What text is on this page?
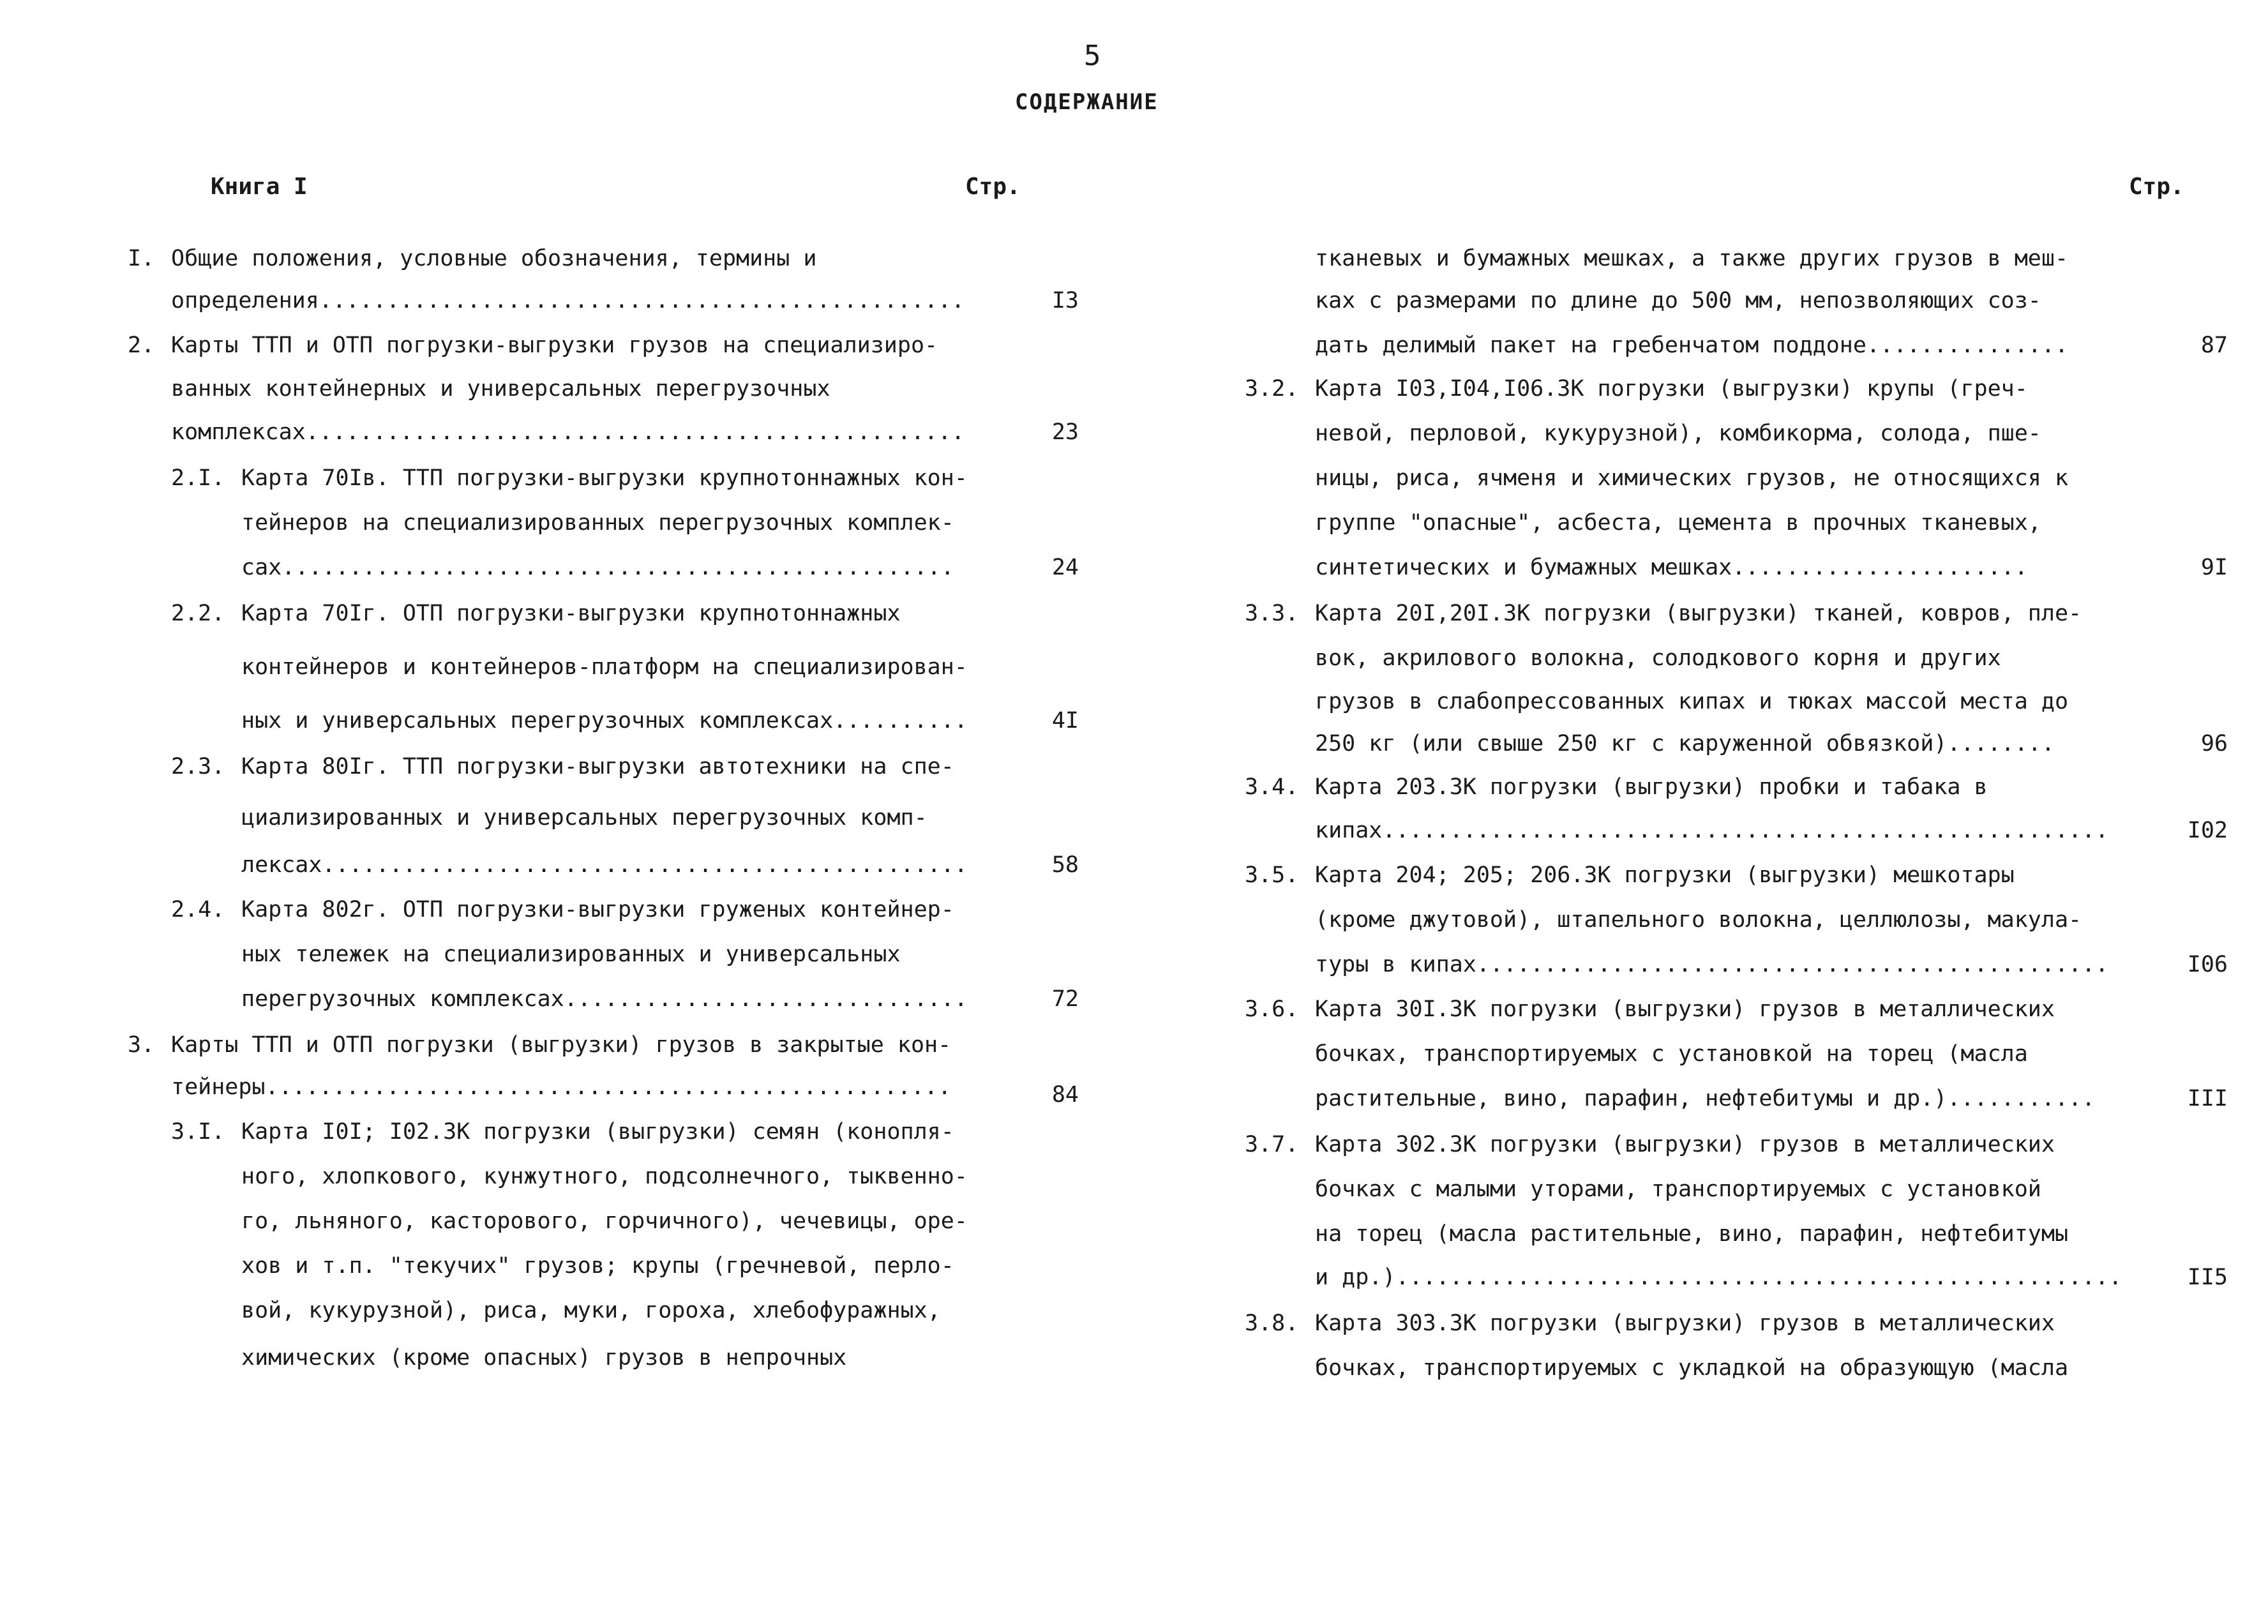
5
СОДЕРЖАНИЕ
Книга I	Стр.	Стр.
I. Общие положения, условные обозначения, термины и
определения................................................	I3
2. Карты ТТП и ОТП погрузки-выгрузки грузов на специализиро-
ванных контейнерных и универсальных перегрузочных
комплексах.................................................	23
2.I. Карта 70Iв. ТТП погрузки-выгрузки крупнотоннажных кон-
тейнеров на специализированных перегрузочных комплек-
сах..................................................	24
2.2. Карта 70Iг. ОТП погрузки-выгрузки крупнотоннажных
контейнеров и контейнеров-платформ на специализирован-
ных и универсальных перегрузочных комплексах..........	4I
2.3. Карта 80Iг. ТТП погрузки-выгрузки автотехники на спе-
циализированных и универсальных перегрузочных комп-
лексах................................................	58
2.4. Карта 802г. ОТП погрузки-выгрузки груженых контейнер-
ных тележек на специализированных и универсальных
перегрузочных комплексах..............................	72
3. Карты ТТП и ОТП погрузки (выгрузки) грузов в закрытые кон-
тейнеры...................................................	84
3.I. Карта I0I; I02.ЗК погрузки (выгрузки) семян (конопля-
ного, хлопкового, кунжутного, подсолнечного, тыквенно-
го, льняного, касторового, горчичного), чечевицы, оре-
хов и т.п. "текучих" грузов; крупы (гречневой, перло-
вой, кукурузной), риса, муки, гороха, хлебофуражных,
химических (кроме опасных) грузов в непрочных
тканевых и бумажных мешках, а также других грузов в меш-
ках с размерами по длине до 500 мм, непозволяющих соз-
дать делимый пакет на гребенчатом поддоне...............	87
3.2. Карта I03,I04,I06.ЗК погрузки (выгрузки) крупы (греч-
невой, перловой, кукурузной), комбикорма, солода, пше-
ницы, риса, ячменя и химических грузов, не относящихся к
группе "опасные", асбеста, цемента в прочных тканевых,
синтетических и бумажных мешках......................	9I
3.3. Карта 20I,20I.ЗК погрузки (выгрузки) тканей, ковров, пле-
вок, акрилового волокна, солодкового корня и других
грузов в слабопрессованных кипах и тюках массой места до
250 кг (или свыше 250 кг с каруженной обвязкой)........	96
3.4. Карта 203.ЗК погрузки (выгрузки) пробки и табака в
кипах......................................................	I02
3.5. Карта 204; 205; 206.ЗК погрузки (выгрузки) мешкотары
(кроме джутовой), штапельного волокна, целлюлозы, макула-
туры в кипах...............................................	I06
3.6. Карта 30I.ЗК погрузки (выгрузки) грузов в металлических
бочках, транспортируемых с установкой на торец (масла
растительные, вино, парафин, нефтебитумы и др.)...........	III
3.7. Карта 302.ЗК погрузки (выгрузки) грузов в металлических
бочках с малыми уторами, транспортируемых с установкой
на торец (масла растительные, вино, парафин, нефтебитумы
и др.)......................................................	II5
3.8. Карта 303.ЗК погрузки (выгрузки) грузов в металлических
бочках, транспортируемых с укладкой на образующую (масла
